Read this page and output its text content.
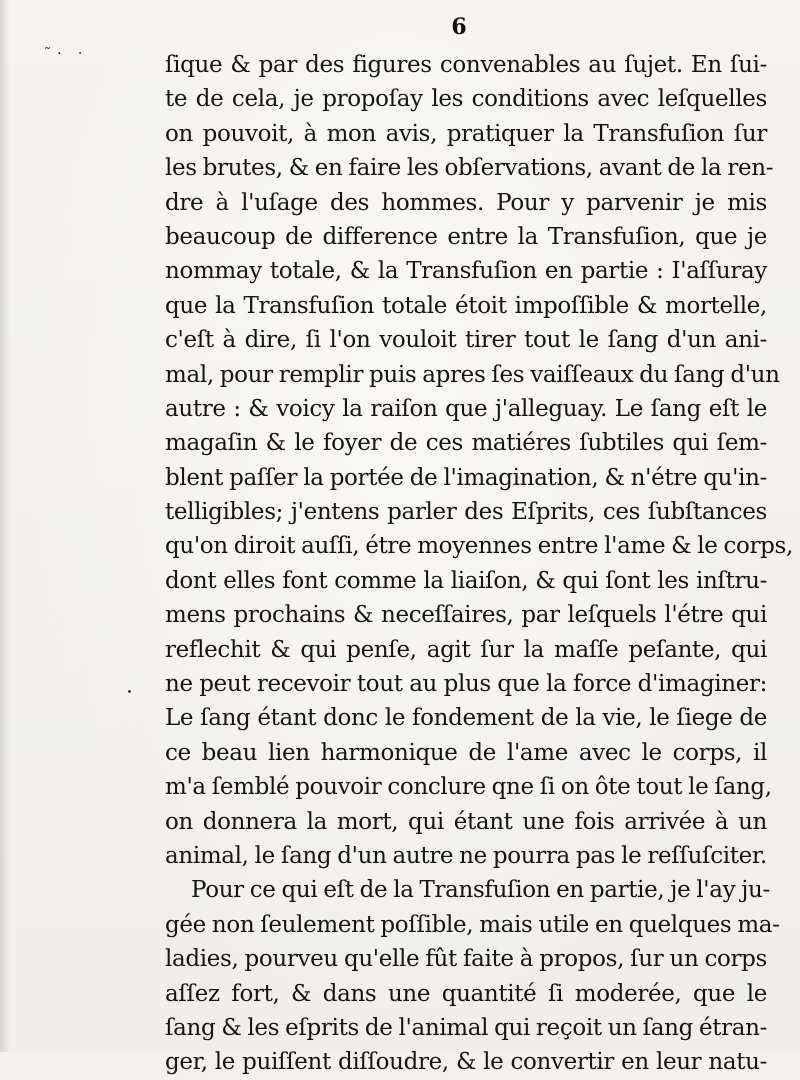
˜· ·
6
ſique & par des figures convenables au ſujet. En ſui-
te de cela, je propoſay les conditions avec leſquelles
on pouvoit, à mon avis, pratiquer la Transfuſion ſur
les brutes, & en faire les obſervations, avant de la ren-
dre à l'uſage des hommes. Pour y parvenir je mis
beaucoup de difference entre la Transfuſion, que je
nommay totale, & la Transfuſion en partie : I'aſſuray
que la Transfuſion totale étoit impoſſible & mortelle,
c'eſt à dire, ſi l'on vouloit tirer tout le ſang d'un ani-
mal, pour remplir puis apres ſes vaiſſeaux du ſang d'un
autre : & voicy la raiſon que j'alleguay. Le ſang eſt le
magaſin & le foyer de ces matiéres ſubtiles qui ſem-
blent paſſer la portée de l'imagination, & n'étre qu'in-
telligibles; j'entens parler des Eſprits, ces ſubſtances
qu'on diroit auſſi, étre moyennes entre l'ame & le corps,
dont elles font comme la liaiſon, & qui ſont les inſtru-
mens prochains & neceſſaires, par leſquels l'étre qui
reflechit & qui penſe, agit ſur la maſſe peſante, qui
ne peut recevoir tout au plus que la force d'imaginer:
Le ſang étant donc le fondement de la vie, le ſiege de
ce beau lien harmonique de l'ame avec le corps, il
m'a ſemblé pouvoir conclure qne ſi on ôte tout le ſang,
on donnera la mort, qui étant une fois arrivée à un
animal, le ſang d'un autre ne pourra pas le reſſuſciter.
Pour ce qui eſt de la Transfuſion en partie, je l'ay ju-
gée non ſeulement poſſible, mais utile en quelques ma-
ladies, pourveu qu'elle fût faite à propos, ſur un corps
aſſez fort, & dans une quantité ſi moderée, que le
ſang & les eſprits de l'animal qui reçoit un ſang étran-
ger, le puiſſent diſſoudre, & le convertir en leur natu-
